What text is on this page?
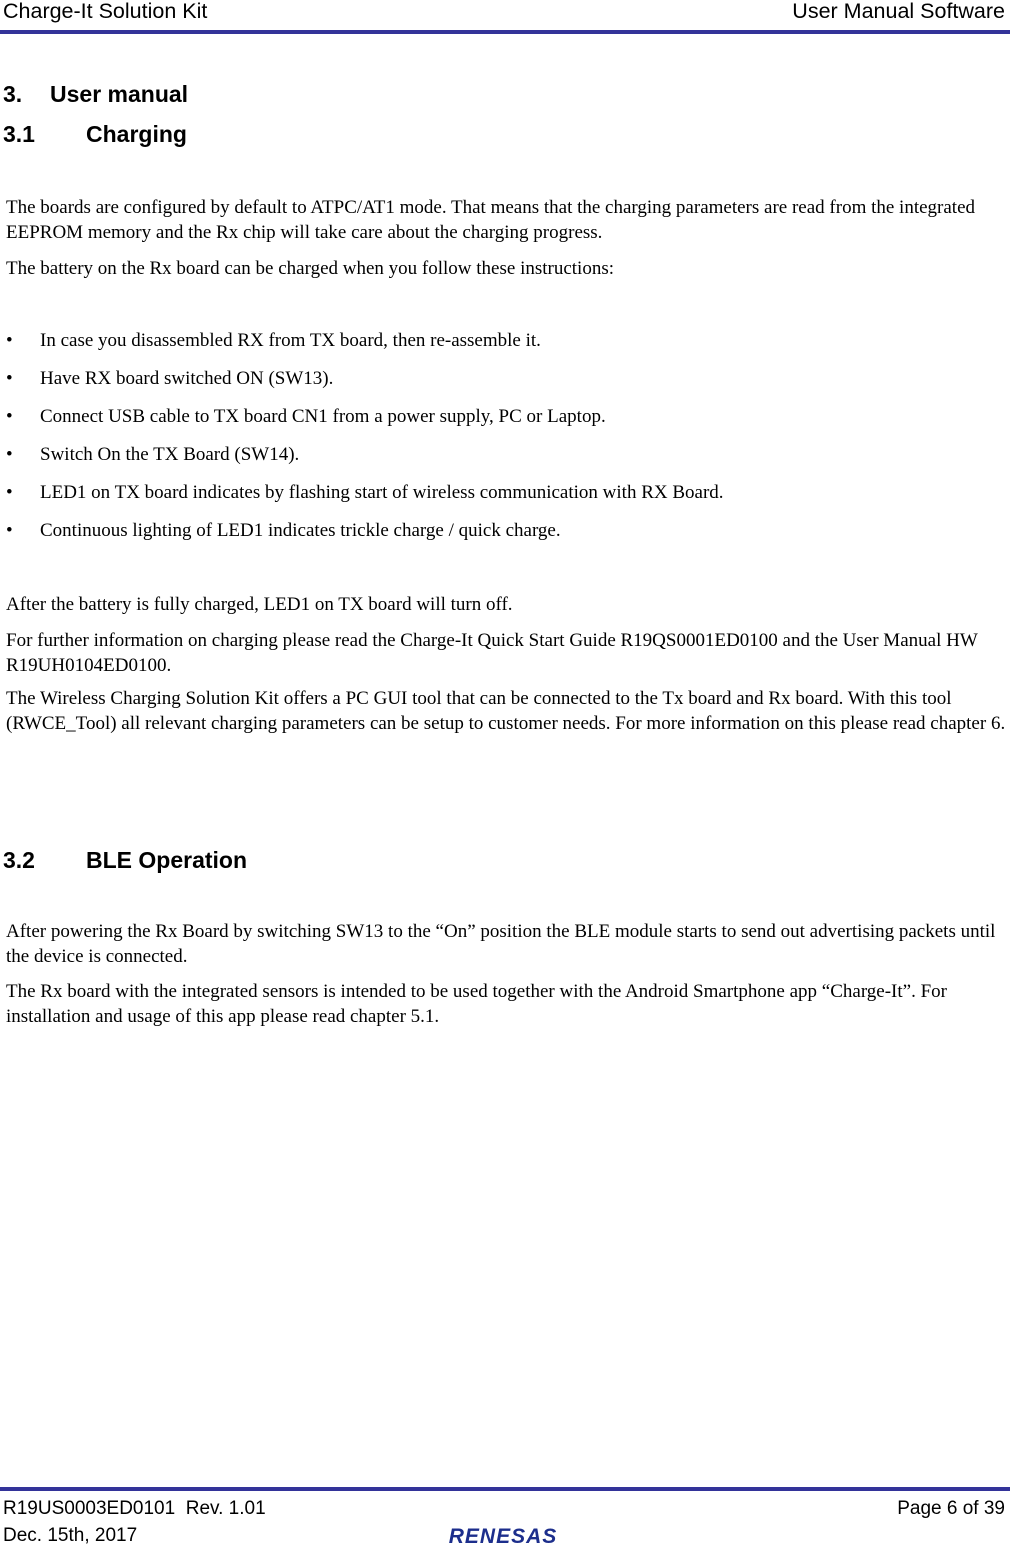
Charge-It Solution Kit	User Manual Software
3. User manual
3.1 Charging

The boards are configured by default to ATPC/AT1 mode. That means that the charging parameters are read from the integrated EEPROM memory and the Rx chip will take care about the charging progress.

The battery on the Rx board can be charged when you follow these instructions:

• In case you disassembled RX from TX board, then re-assemble it.
• Have RX board switched ON (SW13).
• Connect USB cable to TX board CN1 from a power supply, PC or Laptop.
• Switch On the TX Board (SW14).
• LED1 on TX board indicates by flashing start of wireless communication with RX Board.
• Continuous lighting of LED1 indicates trickle charge / quick charge.

After the battery is fully charged, LED1 on TX board will turn off.

For further information on charging please read the Charge-It Quick Start Guide R19QS0001ED0100 and the User Manual HW R19UH0104ED0100.

The Wireless Charging Solution Kit offers a PC GUI tool that can be connected to the Tx board and Rx board. With this tool (RWCE_Tool) all relevant charging parameters can be setup to customer needs. For more information on this please read chapter 6.

3.2 BLE Operation

After powering the Rx Board by switching SW13 to the “On” position the BLE module starts to send out advertising packets until the device is connected.

The Rx board with the integrated sensors is intended to be used together with the Android Smartphone app “Charge-It”. For installation and usage of this app please read chapter 5.1.

R19US0003ED0101  Rev. 1.01
Dec. 15th, 2017	RENESAS
Page 6 of 39
